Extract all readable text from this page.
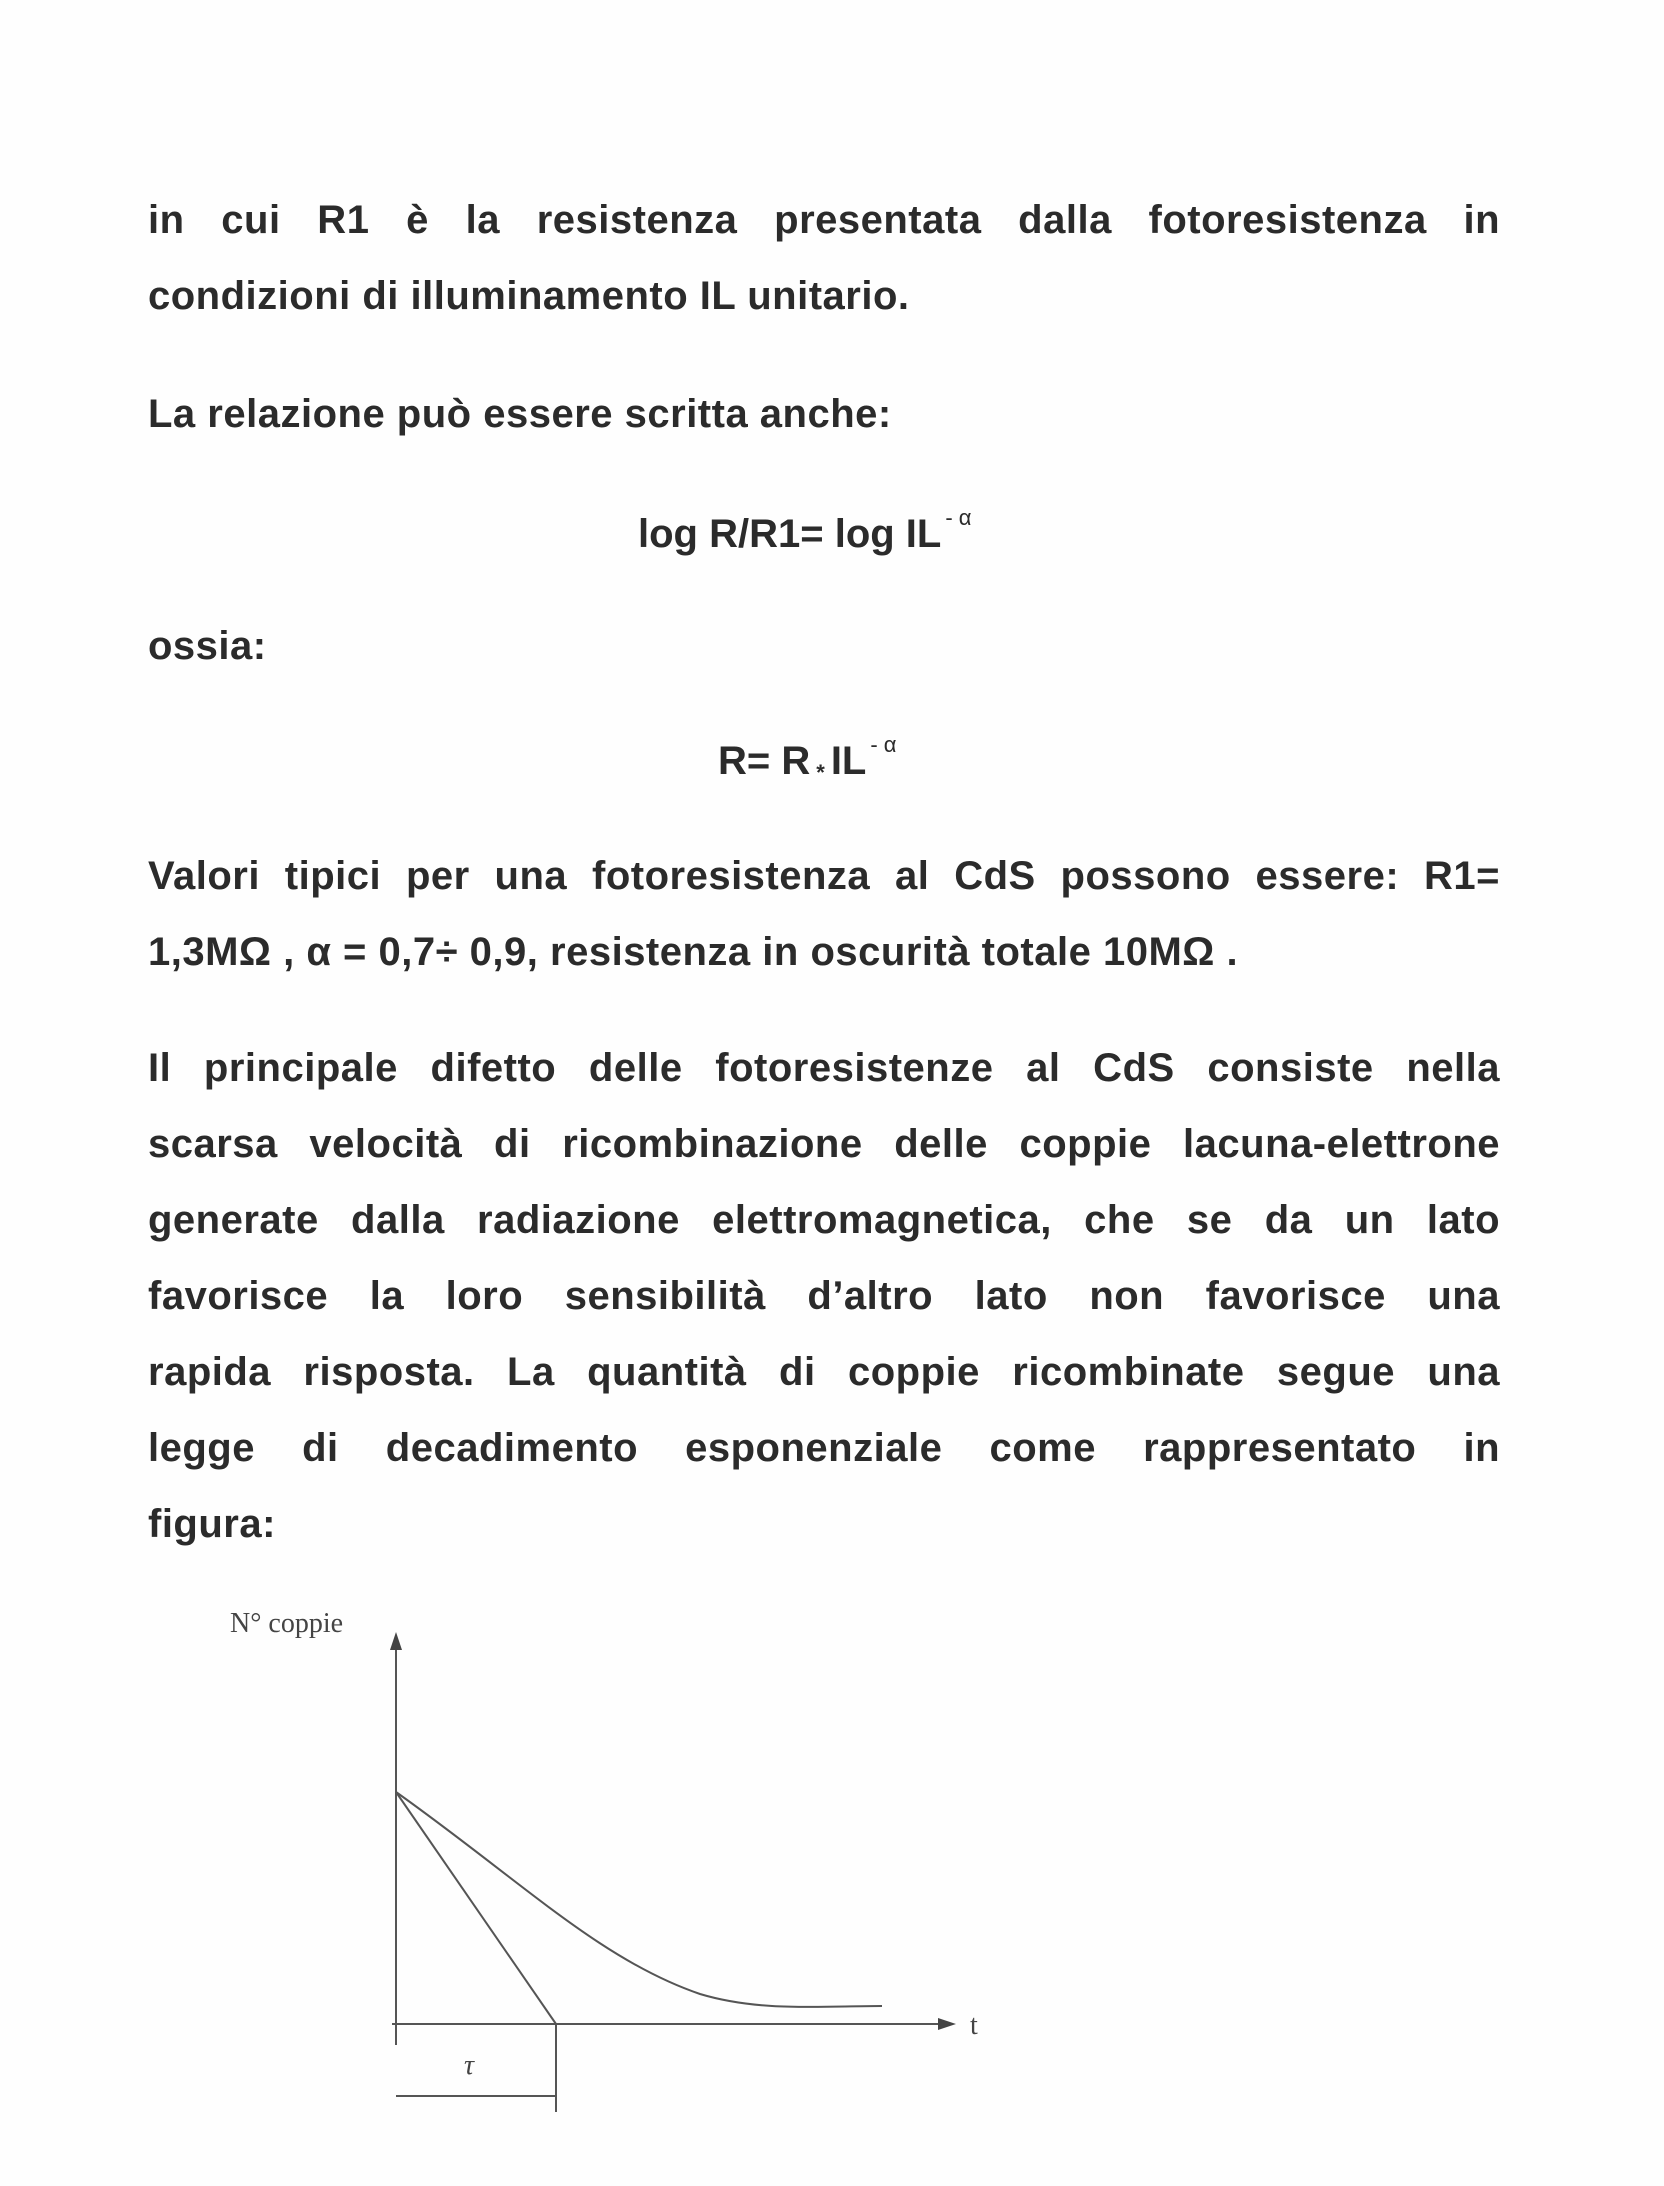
in cui R1 è la resistenza presentata dalla fotoresistenza in
condizioni di illuminamento IL unitario.
La relazione può essere scritta anche:
log R/R1= log IL $^{- \alpha}$
ossia:
R= R * IL $^{- \alpha}$
Valori tipici per una fotoresistenza al CdS possono essere: R1=
1,3MΩ , α = 0,7÷ 0,9, resistenza in oscurità totale 10MΩ .
Il principale difetto delle fotoresistenze al CdS consiste nella
scarsa velocità di ricombinazione delle coppie lacuna-elettrone
generate dalla radiazione elettromagnetica, che se da un lato
favorisce la loro sensibilità d’altro lato non favorisce una
rapida risposta. La quantità di coppie ricombinate segue una
legge di decadimento esponenziale come rappresentato in
figura:
N° coppie
t
τ
